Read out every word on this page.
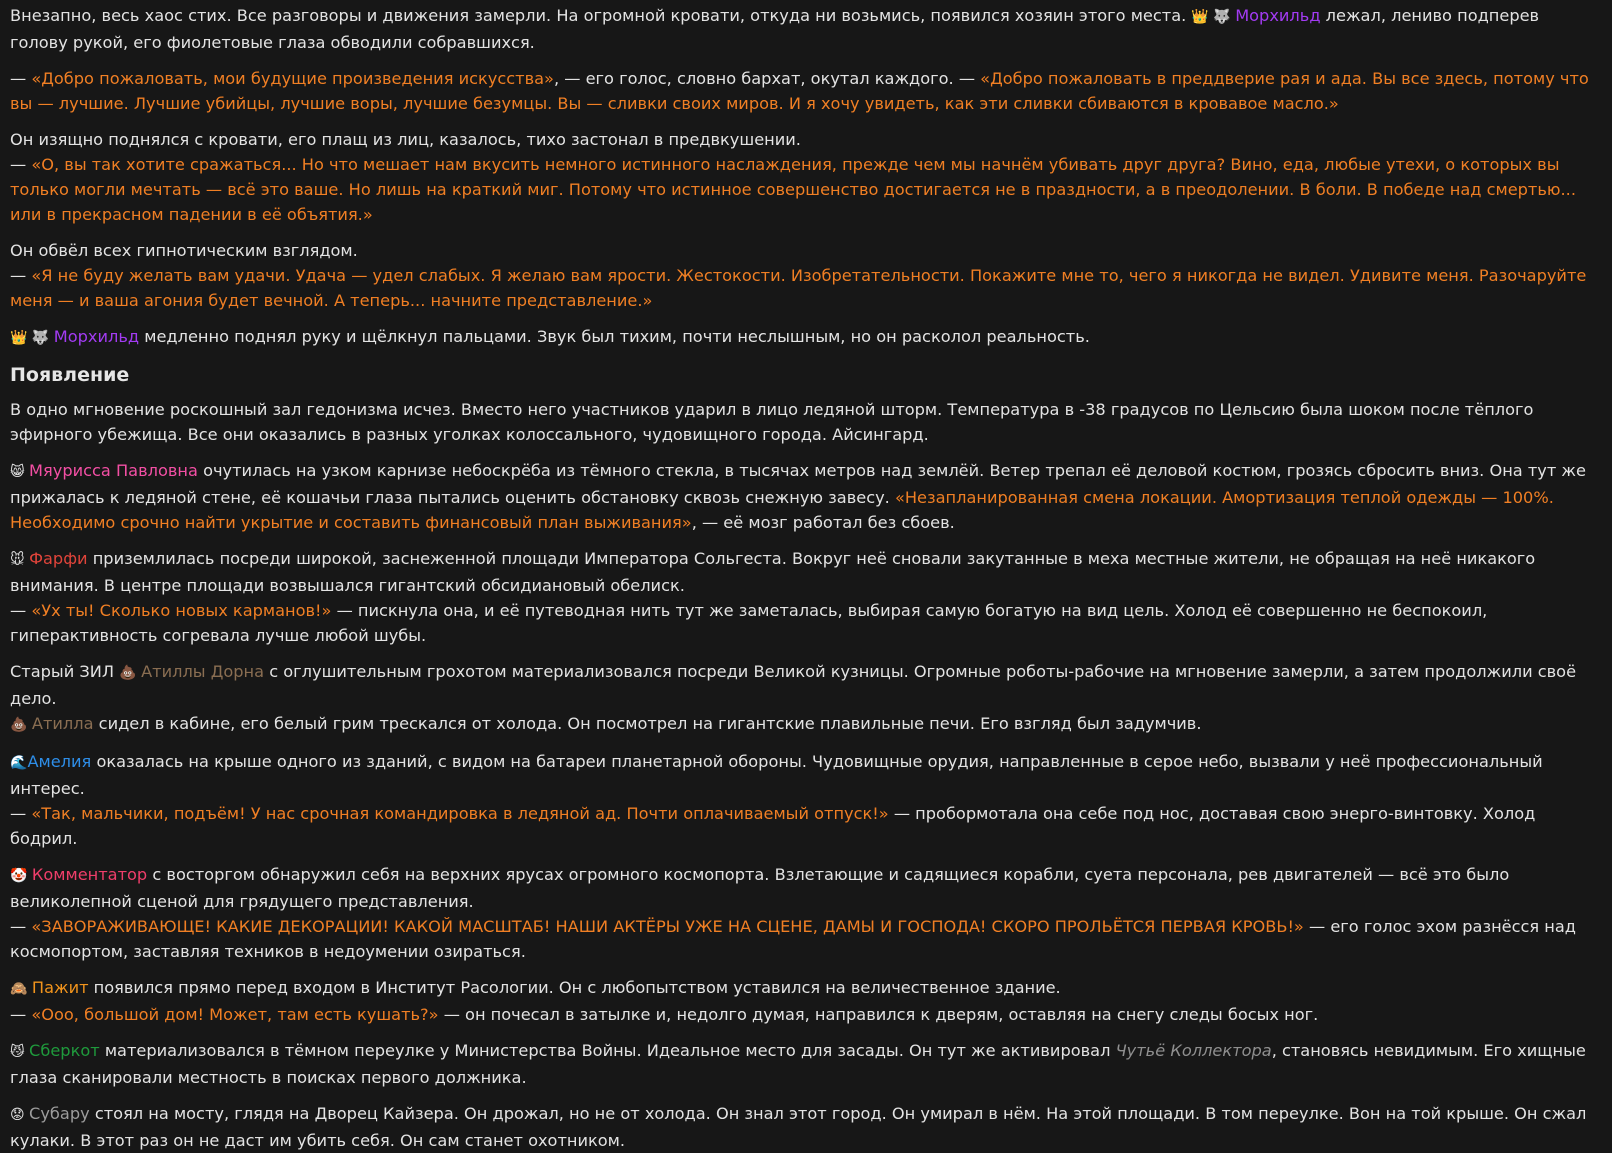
Внезапно, весь хаос стих. Все разговоры и движения замерли. На огромной кровати, откуда ни возьмись, появился хозяин этого места. 👑 🐺 Морхильд лежал, лениво подперев голову рукой, его фиолетовые глаза обводили собравшихся.
— «Добро пожаловать, мои будущие произведения искусства», — его голос, словно бархат, окутал каждого. — «Добро пожаловать в преддверие рая и ада. Вы все здесь, потому что вы — лучшие. Лучшие убийцы, лучшие воры, лучшие безумцы. Вы — сливки своих миров. И я хочу увидеть, как эти сливки сбиваются в кровавое масло.»
Он изящно поднялся с кровати, его плащ из лиц, казалось, тихо застонал в предвкушении.
— «О, вы так хотите сражаться... Но что мешает нам вкусить немного истинного наслаждения, прежде чем мы начнём убивать друг друга? Вино, еда, любые утехи, о которых вы только могли мечтать — всё это ваше. Но лишь на краткий миг. Потому что истинное совершенство достигается не в праздности, а в преодолении. В боли. В победе над смертью... или в прекрасном падении в её объятия.»
Он обвёл всех гипнотическим взглядом.
— «Я не буду желать вам удачи. Удача — удел слабых. Я желаю вам ярости. Жестокости. Изобретательности. Покажите мне то, чего я никогда не видел. Удивите меня. Разочаруйте меня — и ваша агония будет вечной. А теперь... начните представление.»
👑 🐺 Морхильд медленно поднял руку и щёлкнул пальцами. Звук был тихим, почти неслышным, но он расколол реальность.
Появление
В одно мгновение роскошный зал гедонизма исчез. Вместо него участников ударил в лицо ледяной шторм. Температура в -38 градусов по Цельсию была шоком после тёплого эфирного убежища. Все они оказались в разных уголках колоссального, чудовищного города. Айсингард.
😸 Мяурисса Павловна очутилась на узком карнизе небоскрёба из тёмного стекла, в тысячах метров над землёй. Ветер трепал её деловой костюм, грозясь сбросить вниз. Она тут же прижалась к ледяной стене, её кошачьи глаза пытались оценить обстановку сквозь снежную завесу. «Незапланированная смена локации. Амортизация теплой одежды — 100%. Необходимо срочно найти укрытие и составить финансовый план выживания», — её мозг работал без сбоев.
🐭 Фарфи приземлилась посреди широкой, заснеженной площади Императора Сольгеста. Вокруг неё сновали закутанные в меха местные жители, не обращая на неё никакого внимания. В центре площади возвышался гигантский обсидиановый обелиск.
— «Ух ты! Сколько новых карманов!» — пискнула она, и её путеводная нить тут же заметалась, выбирая самую богатую на вид цель. Холод её совершенно не беспокоил, гиперактивность согревала лучше любой шубы.
Старый ЗИЛ 💩 Атиллы Дорна с оглушительным грохотом материализовался посреди Великой кузницы. Огромные роботы-рабочие на мгновение замерли, а затем продолжили своё дело.
💩 Атилла сидел в кабине, его белый грим трескался от холода. Он посмотрел на гигантские плавильные печи. Его взгляд был задумчив.
🌊Амелия оказалась на крыше одного из зданий, с видом на батареи планетарной обороны. Чудовищные орудия, направленные в серое небо, вызвали у неё профессиональный интерес.
— «Так, мальчики, подъём! У нас срочная командировка в ледяной ад. Почти оплачиваемый отпуск!» — пробормотала она себе под нос, доставая свою энерго-винтовку. Холод бодрил.
🤡 Комментатор с восторгом обнаружил себя на верхних ярусах огромного космопорта. Взлетающие и садящиеся корабли, суета персонала, рев двигателей — всё это было великолепной сценой для грядущего представления.
— «ЗАВОРАЖИВАЮЩЕ! КАКИЕ ДЕКОРАЦИИ! КАКОЙ МАСШТАБ! НАШИ АКТЁРЫ УЖЕ НА СЦЕНЕ, ДАМЫ И ГОСПОДА! СКОРО ПРОЛЬЁТСЯ ПЕРВАЯ КРОВЬ!» — его голос эхом разнёсся над космопортом, заставляя техников в недоумении озираться.
🙈 Пажит появился прямо перед входом в Институт Расологии. Он с любопытством уставился на величественное здание.
— «Ооо, большой дом! Может, там есть кушать?» — он почесал в затылке и, недолго думая, направился к дверям, оставляя на снегу следы босых ног.
😼 Сберкот материализовался в тёмном переулке у Министерства Войны. Идеальное место для засады. Он тут же активировал Чутьё Коллектора, становясь невидимым. Его хищные глаза сканировали местность в поисках первого должника.
😟 Субару стоял на мосту, глядя на Дворец Кайзера. Он дрожал, но не от холода. Он знал этот город. Он умирал в нём. На этой площади. В том переулке. Вон на той крыше. Он сжал кулаки. В этот раз он не даст им убить себя. Он сам станет охотником.
